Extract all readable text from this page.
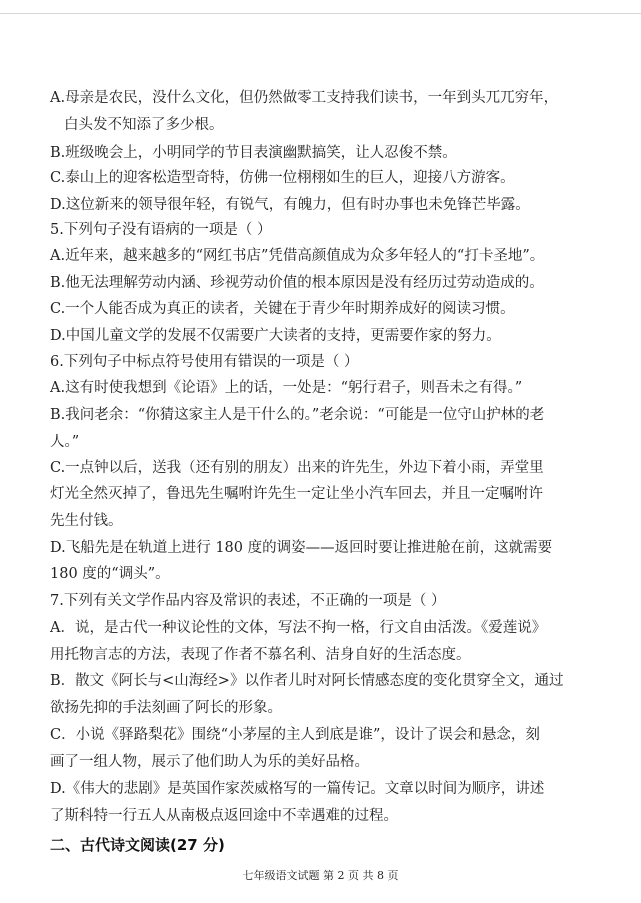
A.母亲是农民，没什么文化，但仍然做零工支持我们读书，一年到头兀兀穷年，
白头发不知添了多少根。
B.班级晚会上，小明同学的节目表演幽默搞笑，让人忍俊不禁。
C.泰山上的迎客松造型奇特，仿佛一位栩栩如生的巨人，迎接八方游客。
D.这位新来的领导很年轻，有锐气，有魄力，但有时办事也未免锋芒毕露。
5.下列句子没有语病的一项是（ ）
A.近年来，越来越多的“网红书店”凭借高颜值成为众多年轻人的“打卡圣地”。
B.他无法理解劳动内涵、珍视劳动价值的根本原因是没有经历过劳动造成的。
C.一个人能否成为真正的读者，关键在于青少年时期养成好的阅读习惯。
D.中国儿童文学的发展不仅需要广大读者的支持，更需要作家的努力。
6.下列句子中标点符号使用有错误的一项是（ ）
A.这有时使我想到《论语》上的话，一处是：“躬行君子，则吾未之有得。”
B.我问老余：“你猜这家主人是干什么的。”老余说：“可能是一位守山护林的老
人。”
C.一点钟以后，送我（还有别的朋友）出来的许先生，外边下着小雨，弄堂里
灯光全然灭掉了，鲁迅先生嘱咐许先生一定让坐小汽车回去，并且一定嘱咐许
先生付钱。
D.飞船先是在轨道上进行 180 度的调姿——返回时要让推进舱在前，这就需要
180 度的“调头”。
7.下列有关文学作品内容及常识的表述，不正确的一项是（ ）
A．说，是古代一种议论性的文体，写法不拘一格，行文自由活泼。《爱莲说》
用托物言志的方法，表现了作者不慕名利、洁身自好的生活态度。
B．散文《阿长与<山海经>》以作者儿时对阿长情感态度的变化贯穿全文，通过
欲扬先抑的手法刻画了阿长的形象。
C．小说《驿路梨花》围绕“小茅屋的主人到底是谁”，设计了误会和悬念，刻
画了一组人物，展示了他们助人为乐的美好品格。
D.《伟大的悲剧》是英国作家茨威格写的一篇传记。文章以时间为顺序，讲述
了斯科特一行五人从南极点返回途中不幸遇难的过程。
二、古代诗文阅读(27 分)
七年级语文试题 第 2 页 共 8 页
